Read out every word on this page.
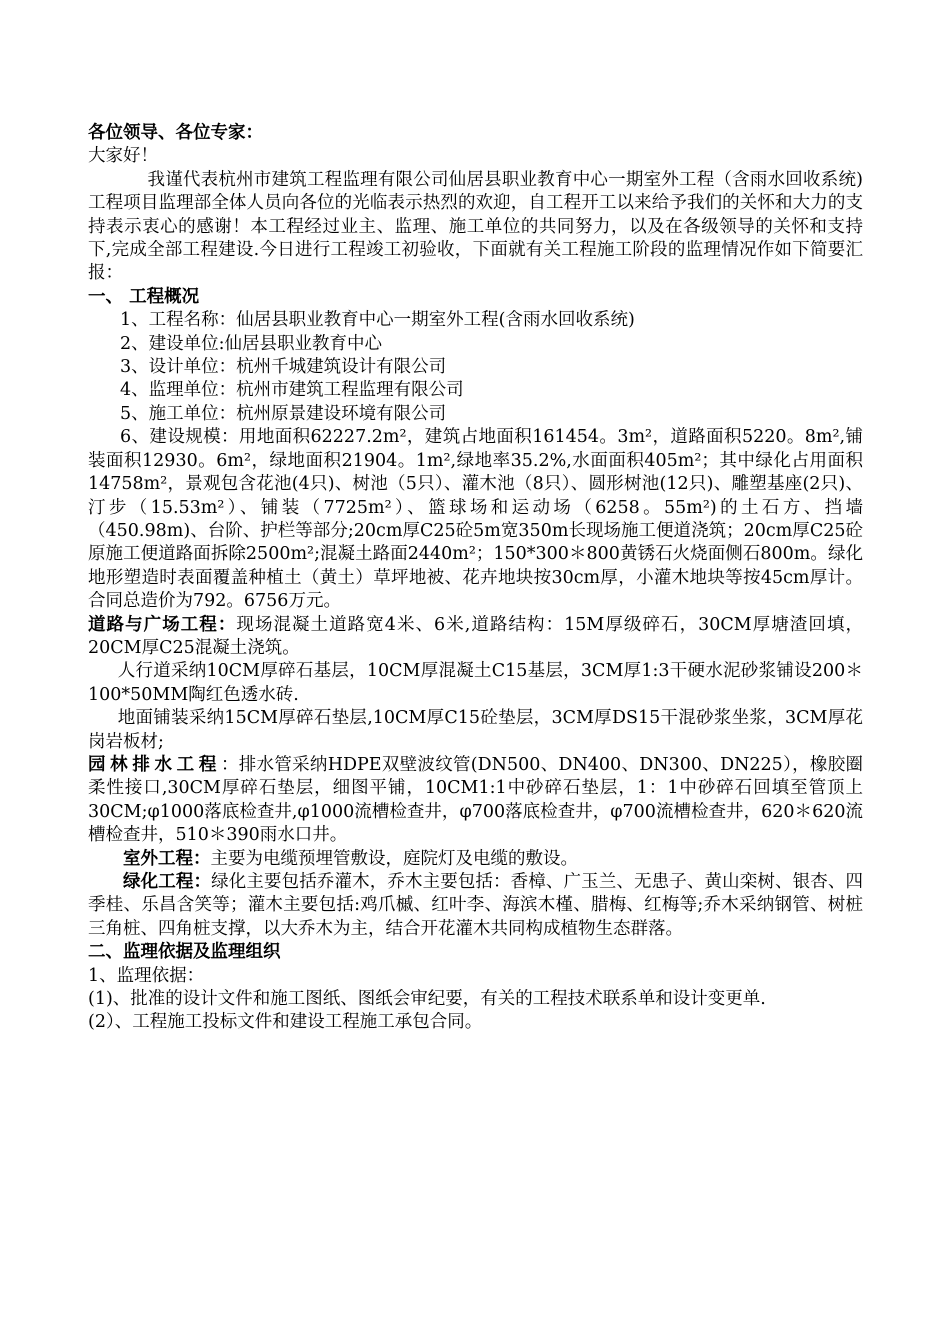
各位领导、各位专家：

大家好！

我谨代表杭州市建筑工程监理有限公司仙居县职业教育中心一期室外工程（含雨水回收系统)工程项目监理部全体人员向各位的光临表示热烈的欢迎，自工程开工以来给予我们的关怀和大力的支持表示衷心的感谢！本工程经过业主、监理、施工单位的共同努力，以及在各级领导的关怀和支持下,完成全部工程建设.今日进行工程竣工初验收，下面就有关工程施工阶段的监理情况作如下简要汇报：

一、 工程概况

1、工程名称：仙居县职业教育中心一期室外工程(含雨水回收系统)

2、建设单位:仙居县职业教育中心

3、设计单位：杭州千城建筑设计有限公司

4、监理单位：杭州市建筑工程监理有限公司

5、施工单位：杭州原景建设环境有限公司

6、建设规模：用地面积62227.2m²，建筑占地面积161454。3m²，道路面积5220。8m²,铺装面积12930。6m²，绿地面积21904。1m²,绿地率35.2%,水面面积405m²；其中绿化占用面积14758m²，景观包含花池(4只)、树池（5只）、灌木池（8只）、圆形树池(12只)、雕塑基座(2只)、汀步（15.53m²）、铺装（7725m²）、篮球场和运动场（6258。55m²)的土石方、挡墙（450.98m)、台阶、护栏等部分;20cm厚C25砼5m宽350m长现场施工便道浇筑；20cm厚C25砼原施工便道路面拆除2500m²;混凝土路面2440m²；150*300＊800黄锈石火烧面侧石800m。绿化地形塑造时表面覆盖种植土（黄土）草坪地被、花卉地块按30cm厚，小灌木地块等按45cm厚计。合同总造价为792。6756万元。

道路与广场工程：现场混凝土道路宽4米、6米,道路结构：15M厚级碎石，30CM厚塘渣回填，20CM厚C25混凝土浇筑。

人行道采纳10CM厚碎石基层，10CM厚混凝土C15基层，3CM厚1:3干硬水泥砂浆铺设200＊100*50MM陶红色透水砖.

地面铺装采纳15CM厚碎石垫层,10CM厚C15砼垫层，3CM厚DS15干混砂浆坐浆，3CM厚花岗岩板材;

园林排水工程：排水管采纳HDPE双壁波纹管(DN500、DN400、DN300、DN225），橡胶圈柔性接口,30CM厚碎石垫层，细图平铺，10CM1:1中砂碎石垫层，1：1中砂碎石回填至管顶上30CM;φ1000落底检查井,φ1000流槽检查井，φ700落底检查井，φ700流槽检查井，620＊620流槽检查井，510＊390雨水口井。

室外工程：主要为电缆预埋管敷设，庭院灯及电缆的敷设。

绿化工程：绿化主要包括乔灌木，乔木主要包括：香樟、广玉兰、无患子、黄山栾树、银杏、四季桂、乐昌含笑等；灌木主要包括:鸡爪槭、红叶李、海滨木槿、腊梅、红梅等;乔木采纳钢管、树桩三角桩、四角桩支撑，以大乔木为主，结合开花灌木共同构成植物生态群落。

二、监理依据及监理组织

1、监理依据：

(1)、批准的设计文件和施工图纸、图纸会审纪要，有关的工程技术联系单和设计变更单.

(2）、工程施工投标文件和建设工程施工承包合同。
